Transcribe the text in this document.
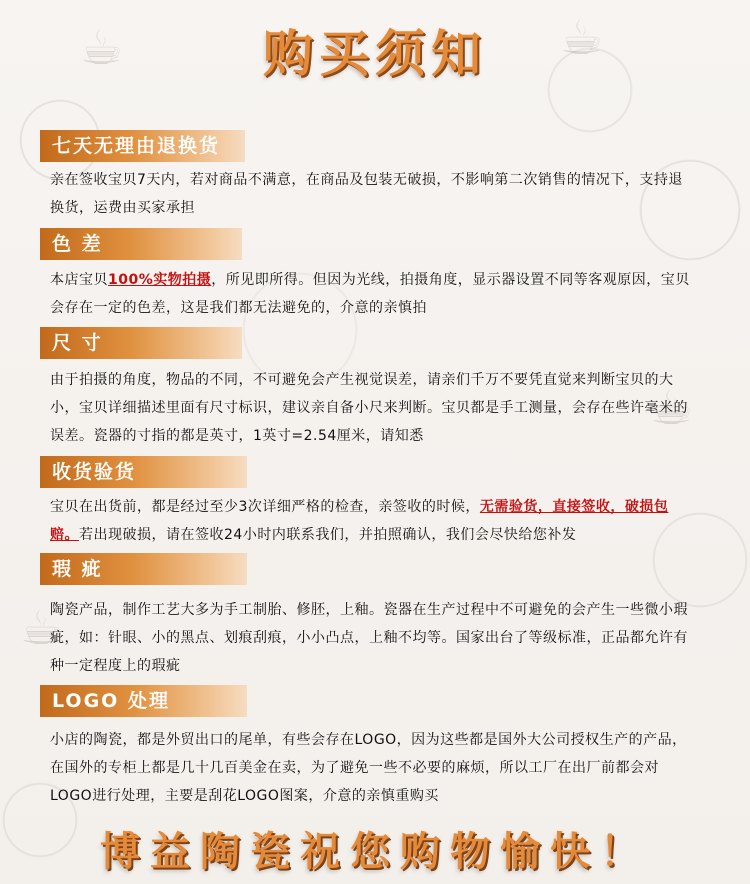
☕	☕
☕
☕
购买须知
七天无理由退换货
亲在签收宝贝7天内，若对商品不满意，在商品及包装无破损，不影响第二次销售的情况下，支持退换货，运费由买家承担
色 差
本店宝贝100%实物拍摄，所见即所得。但因为光线，拍摄角度，显示器设置不同等客观原因，宝贝会存在一定的色差，这是我们都无法避免的，介意的亲慎拍
尺 寸
由于拍摄的角度，物品的不同，不可避免会产生视觉误差，请亲们千万不要凭直觉来判断宝贝的大小，宝贝详细描述里面有尺寸标识，建议亲自备小尺来判断。宝贝都是手工测量，会存在些许毫米的误差。瓷器的寸指的都是英寸，1英寸=2.54厘米，请知悉
收货验货
宝贝在出货前，都是经过至少3次详细严格的检查，亲签收的时候，无需验货，直接签收，破损包赔。若出现破损，请在签收24小时内联系我们，并拍照确认，我们会尽快给您补发
瑕 疵
陶瓷产品，制作工艺大多为手工制胎、修胚，上釉。瓷器在生产过程中不可避免的会产生一些微小瑕疵，如：针眼、小的黑点、划痕刮痕，小小凸点，上釉不均等。国家出台了等级标准，正品都允许有种一定程度上的瑕疵
LOGO 处理
小店的陶瓷，都是外贸出口的尾单，有些会存在LOGO，因为这些都是国外大公司授权生产的产品，在国外的专柜上都是几十几百美金在卖，为了避免一些不必要的麻烦，所以工厂在出厂前都会对LOGO进行处理，主要是刮花LOGO图案，介意的亲慎重购买
博益陶瓷祝您购物愉快！
